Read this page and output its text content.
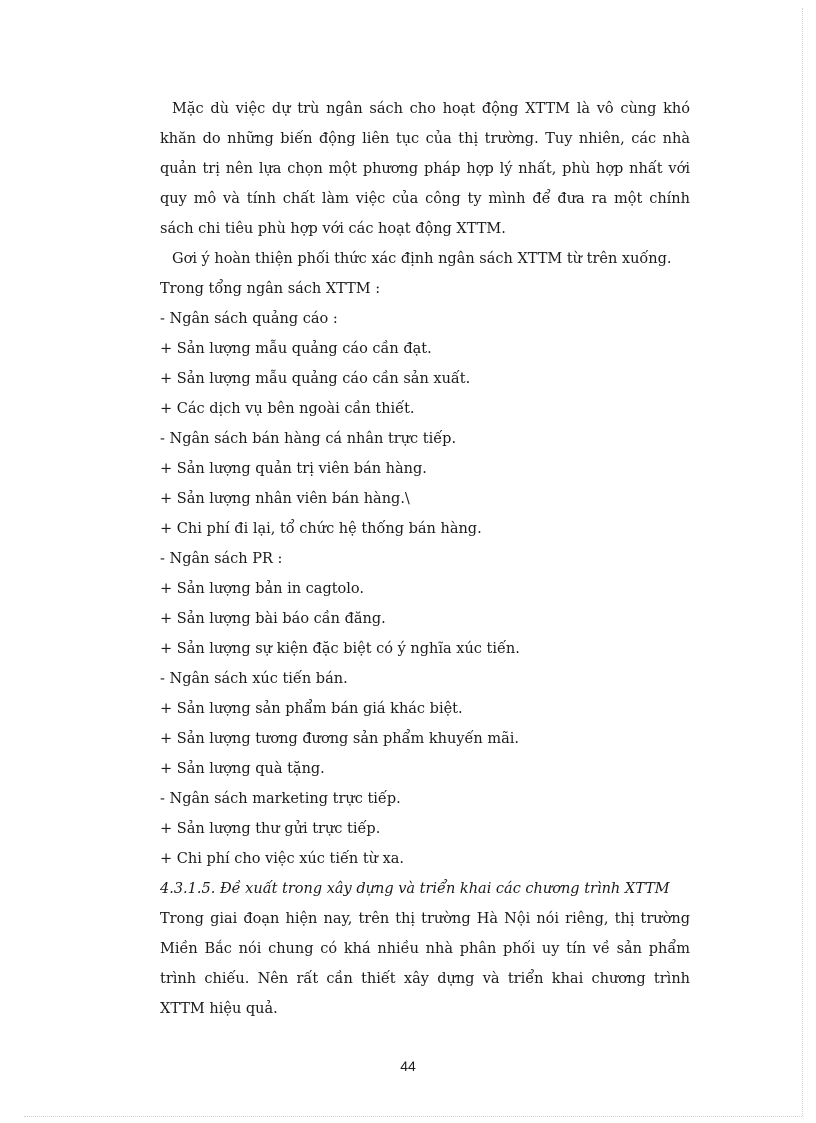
Mặc dù việc dự trù ngân sách cho hoạt động XTTM là vô cùng khó khăn do những biến động liên tục của thị trường. Tuy nhiên, các nhà quản trị nên lựa chọn một phương pháp hợp lý nhất, phù hợp nhất với quy mô và tính chất làm việc của công ty mình để đưa ra một chính sách chi tiêu phù hợp với các hoạt động XTTM.

Gơi ý hoàn thiện phối thức xác định ngân sách XTTM từ trên xuống.

Trong tổng ngân sách XTTM :
- Ngân sách quảng cáo :
+ Sản lượng mẫu quảng cáo cần đạt.
+ Sản lượng mẫu quảng cáo cần sản xuất.
+ Các dịch vụ bên ngoài cần thiết.
- Ngân sách bán hàng cá nhân trực tiếp.
+ Sản lượng quản trị viên bán hàng.
+ Sản lượng nhân viên bán hàng.\
+ Chi phí đi lại, tổ chức hệ thống bán hàng.
- Ngân sách PR :
+ Sản lượng bản in cagtolo.
+ Sản lượng bài báo cần đăng.
+ Sản lượng sự kiện đặc biệt có ý nghĩa xúc tiến.
- Ngân sách xúc tiến bán.
+ Sản lượng sản phẩm bán giá khác biệt.
+ Sản lượng tương đương sản phẩm khuyến mãi.
+ Sản lượng quà tặng.
- Ngân sách marketing trực tiếp.
+ Sản lượng thư gửi trực tiếp.
+ Chi phí cho việc xúc tiến từ xa.
4.3.1.5. Đề xuất trong xây dựng và triển khai các chương trình XTTM

Trong giai đoạn hiện nay, trên thị trường Hà Nội nói riêng, thị trường Miền Bắc nói chung có khá nhiều nhà phân phối uy tín về sản phẩm trình chiếu. Nên rất cần thiết xây dựng và triển khai chương trình XTTM hiệu quả.

44
